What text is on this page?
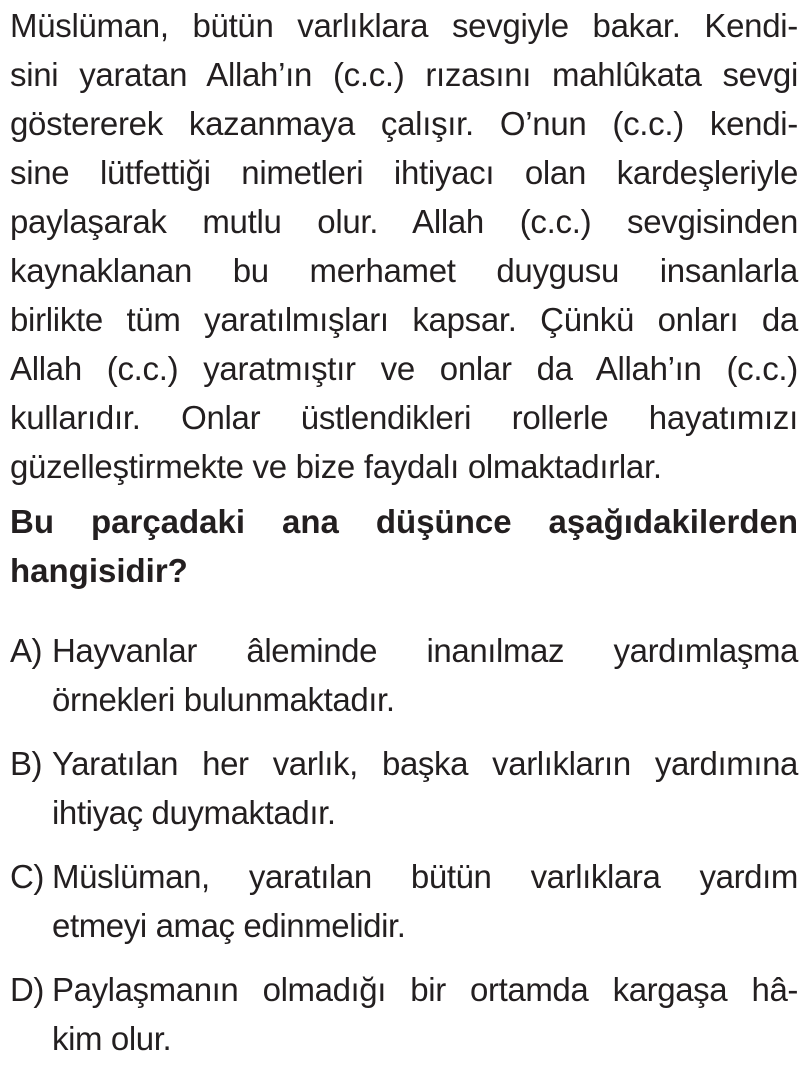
Müslüman, bütün varlıklara sevgiyle bakar. Kendi-
sini yaratan Allah’ın (c.c.) rızasını mahlûkata sevgi
göstererek kazanmaya çalışır. O’nun (c.c.) kendi-
sine lütfettiği nimetleri ihtiyacı olan kardeşleriyle
paylaşarak mutlu olur. Allah (c.c.) sevgisinden
kaynaklanan bu merhamet duygusu insanlarla
birlikte tüm yaratılmışları kapsar. Çünkü onları da
Allah (c.c.) yaratmıştır ve onlar da Allah’ın (c.c.)
kullarıdır. Onlar üstlendikleri rollerle hayatımızı
güzelleştirmekte ve bize faydalı olmaktadırlar.
Bu parçadaki ana düşünce aşağıdakilerden
hangisidir?
A) Hayvanlar âleminde inanılmaz yardımlaşma
örnekleri bulunmaktadır.
B) Yaratılan her varlık, başka varlıkların yardımına
ihtiyaç duymaktadır.
C) Müslüman, yaratılan bütün varlıklara yardım
etmeyi amaç edinmelidir.
D) Paylaşmanın olmadığı bir ortamda kargaşa hâ-
kim olur.
